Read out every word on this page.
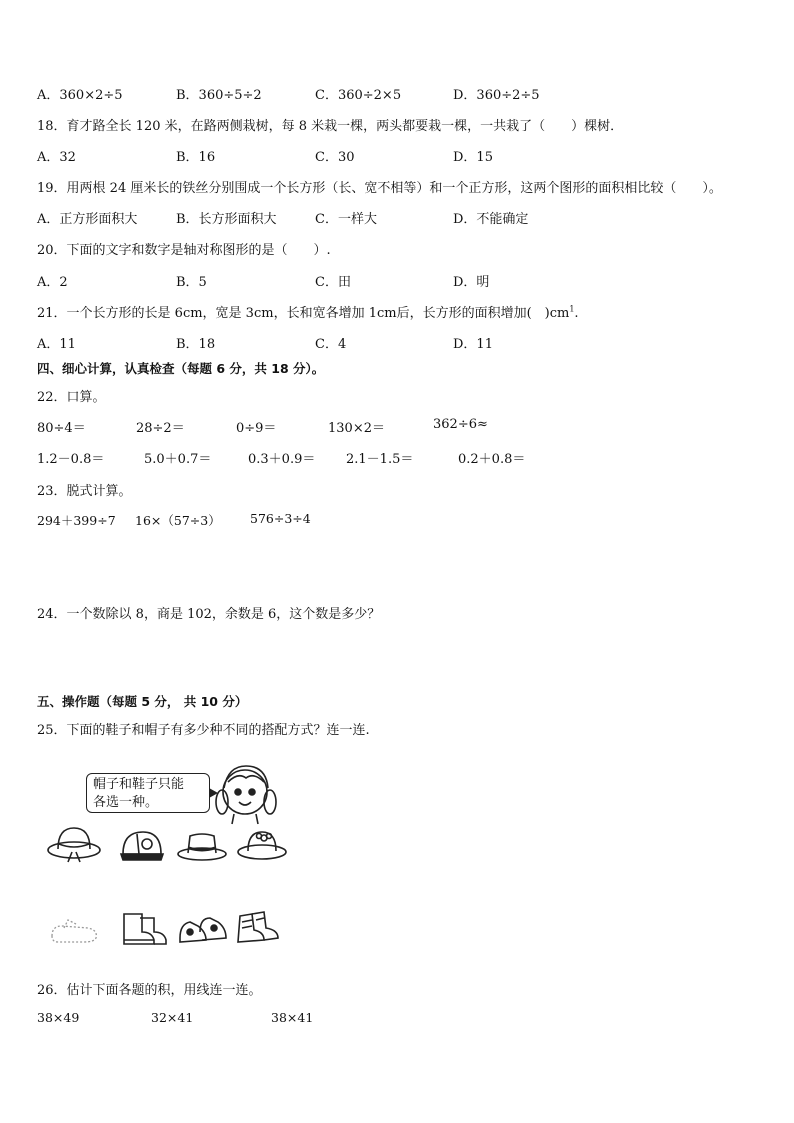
A．360×2÷5	B．360÷5÷2	C．360÷2×5	D．360÷2÷5
18．育才路全长 120 米，在路两侧栽树，每 8 米栽一棵，两头都要栽一棵，一共栽了（　　）棵树．
A．32	B．16	C．30	D．15
19．用两根 24 厘米长的铁丝分别围成一个长方形（长、宽不相等）和一个正方形，这两个图形的面积相比较（　　）。
A．正方形面积大	B．长方形面积大	C．一样大	D．不能确定
20．下面的文字和数字是轴对称图形的是（　　）.
A．2	B．5	C．田	D．明
21．一个长方形的长是 6cm，宽是 3cm，长和宽各增加 1cm后，长方形的面积增加(　)$cm^1$.
A．11	B．18	C．4	D．11
四、细心计算，认真检查（每题 6 分，共 18 分）。
22．口算。
80÷4＝	28÷2＝	0÷9＝	130×2＝	362÷6≈
1.2－0.8＝	5.0＋0.7＝	0.3＋0.9＝ 2.1－1.5＝	0.2＋0.8＝
23．脱式计算。
294＋399÷7 16×（57÷3） 576÷3÷4
24．一个数除以 8，商是 102，余数是 6，这个数是多少？
五、操作题（每题 5 分， 共 10 分）
25．下面的鞋子和帽子有多少种不同的搭配方式？连一连.
帽子和鞋子只能
各选一种。
26．估计下面各题的积，用线连一连。
38×49	32×41	38×41
